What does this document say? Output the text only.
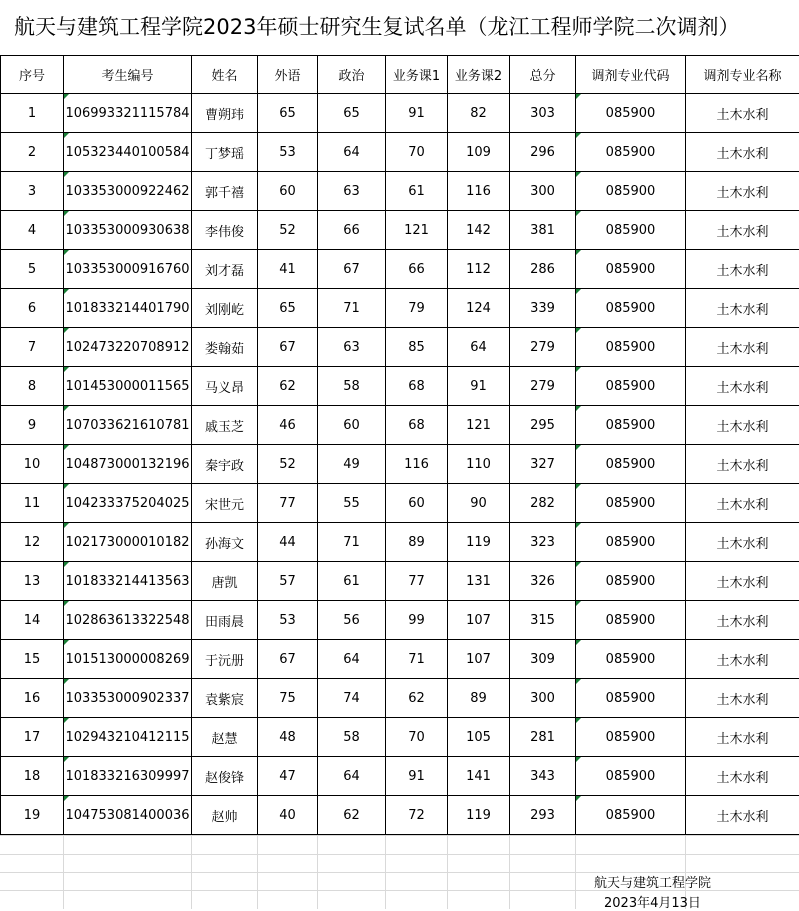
航天与建筑工程学院2023年硕士研究生复试名单（龙江工程师学院二次调剂）
序号	考生编号	姓名	外语	政治	业务课1	业务课2	总分	调剂专业代码	调剂专业名称
1	106993321115784	曹朔玮	65	65	91	82	303	085900	土木水利
2	105323440100584	丁梦瑶	53	64	70	109	296	085900	土木水利
3	103353000922462	郭千禧	60	63	61	116	300	085900	土木水利
4	103353000930638	李伟俊	52	66	121	142	381	085900	土木水利
5	103353000916760	刘才磊	41	67	66	112	286	085900	土木水利
6	101833214401790	刘刚屹	65	71	79	124	339	085900	土木水利
7	102473220708912	娄翰茹	67	63	85	64	279	085900	土木水利
8	101453000011565	马义昂	62	58	68	91	279	085900	土木水利
9	107033621610781	戚玉芝	46	60	68	121	295	085900	土木水利
10	104873000132196	秦宇政	52	49	116	110	327	085900	土木水利
11	104233375204025	宋世元	77	55	60	90	282	085900	土木水利
12	102173000010182	孙海文	44	71	89	119	323	085900	土木水利
13	101833214413563	唐凯	57	61	77	131	326	085900	土木水利
14	102863613322548	田雨晨	53	56	99	107	315	085900	土木水利
15	101513000008269	于沅册	67	64	71	107	309	085900	土木水利
16	103353000902337	袁紫宸	75	74	62	89	300	085900	土木水利
17	102943210412115	赵慧	48	58	70	105	281	085900	土木水利
18	101833216309997	赵俊锋	47	64	91	141	343	085900	土木水利
19	104753081400036	赵帅	40	62	72	119	293	085900	土木水利
航天与建筑工程学院
2023年4月13日
